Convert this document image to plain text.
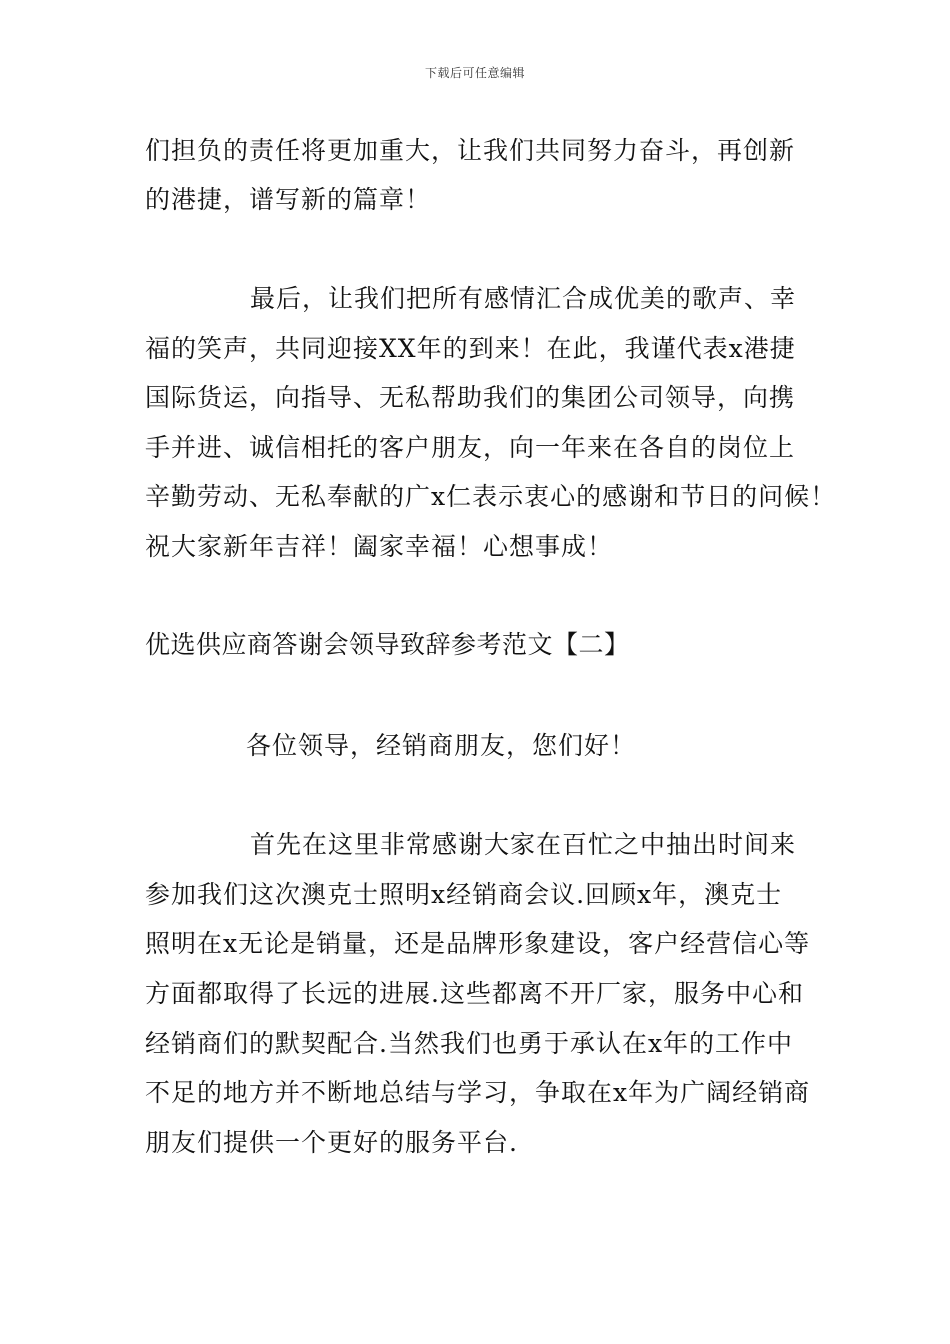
下载后可任意编辑
们担负的责任将更加重大，让我们共同努力奋斗，再创新
的港捷，谱写新的篇章！
最后，让我们把所有感情汇合成优美的歌声、幸
福的笑声，共同迎接XX年的到来！在此，我谨代表x港捷
国际货运，向指导、无私帮助我们的集团公司领导，向携
手并进、诚信相托的客户朋友，向一年来在各自的岗位上
辛勤劳动、无私奉献的广x仁表示衷心的感谢和节日的问候！
祝大家新年吉祥！阖家幸福！心想事成！
优选供应商答谢会领导致辞参考范文【二】
各位领导，经销商朋友，您们好！
首先在这里非常感谢大家在百忙之中抽出时间来
参加我们这次澳克士照明x经销商会议.回顾x年，澳克士
照明在x无论是销量，还是品牌形象建设，客户经营信心等
方面都取得了长远的进展.这些都离不开厂家，服务中心和
经销商们的默契配合.当然我们也勇于承认在x年的工作中
不足的地方并不断地总结与学习，争取在x年为广阔经销商
朋友们提供一个更好的服务平台.
